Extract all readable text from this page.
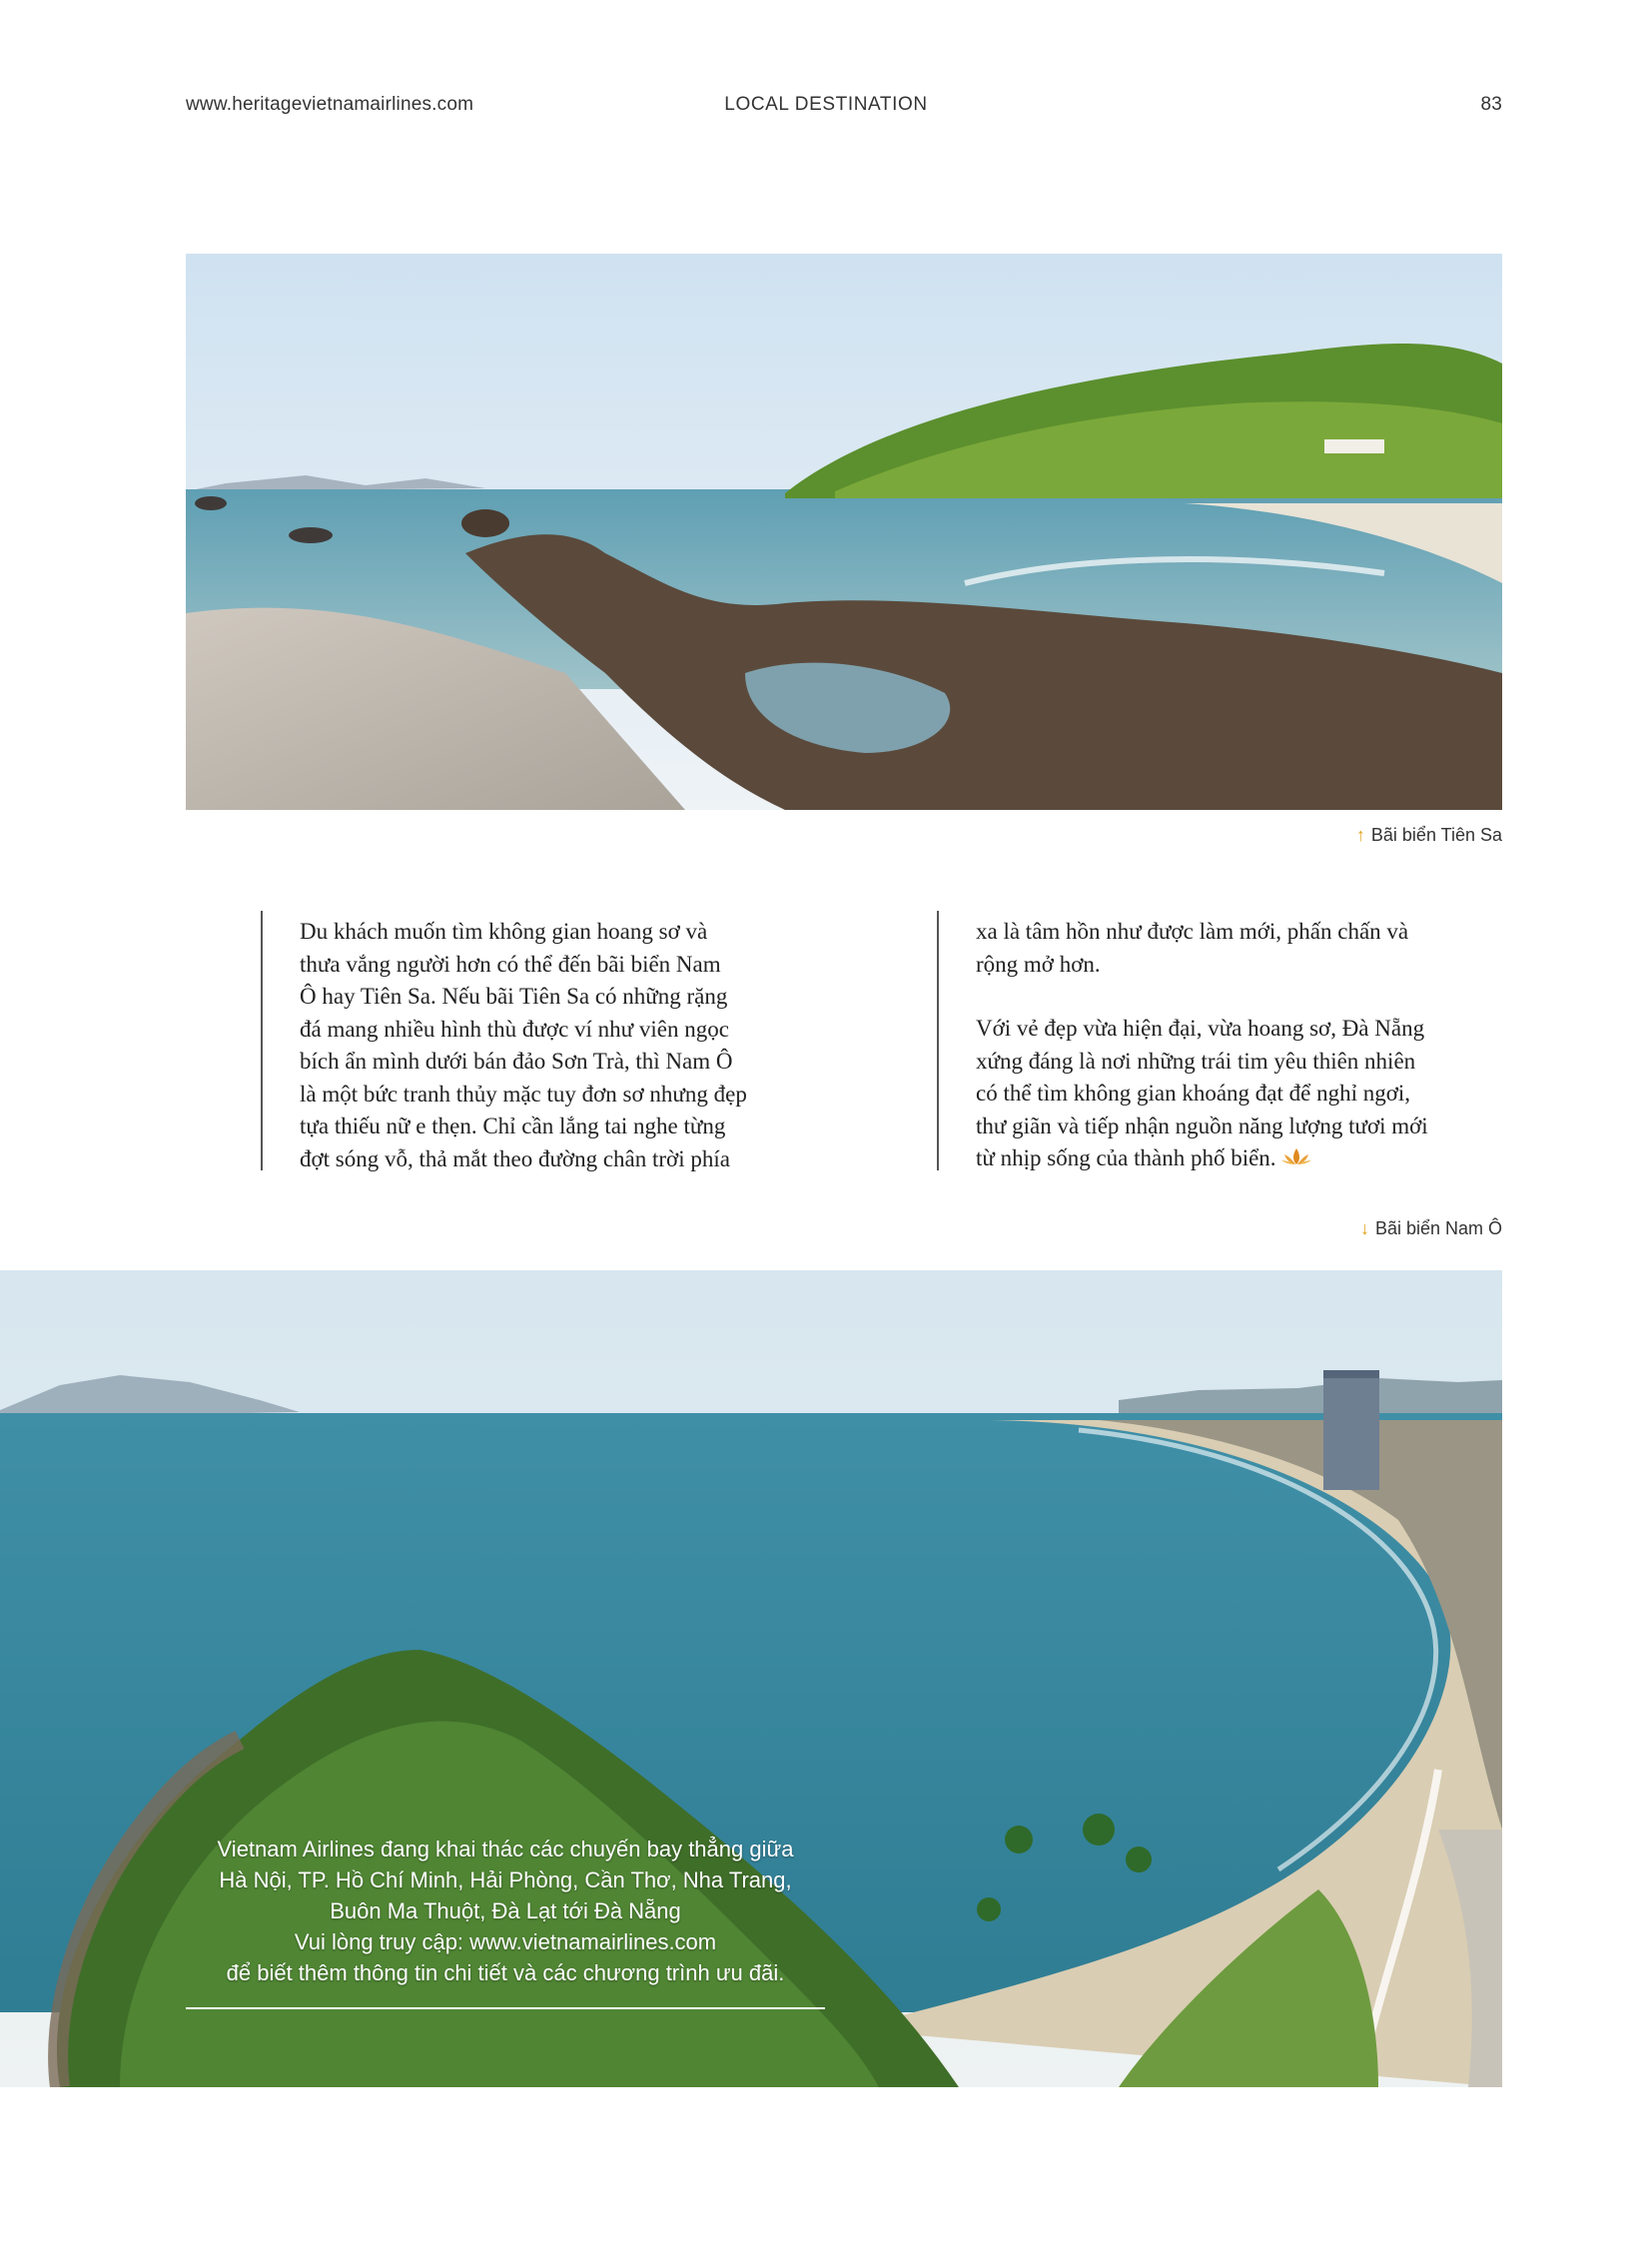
www.heritagevietnamairlines.com	LOCAL DESTINATION	83
↑ Bãi biển Tiên Sa

Du khách muốn tìm không gian hoang sơ và

thưa vắng người hơn có thể đến bãi biển Nam

Ô hay Tiên Sa. Nếu bãi Tiên Sa có những rặng

đá mang nhiều hình thù được ví như viên ngọc

bích ẩn mình dưới bán đảo Sơn Trà, thì Nam Ô

là một bức tranh thủy mặc tuy đơn sơ nhưng đẹp

tựa thiếu nữ e thẹn. Chỉ cần lắng tai nghe từng

đợt sóng vỗ, thả mắt theo đường chân trời phía

xa là tâm hồn như được làm mới, phấn chấn và

rộng mở hơn.

Với vẻ đẹp vừa hiện đại, vừa hoang sơ, Đà Nẵng

xứng đáng là nơi những trái tim yêu thiên nhiên

có thể tìm không gian khoáng đạt để nghỉ ngơi,

thư giãn và tiếp nhận nguồn năng lượng tươi mới

từ nhịp sống của thành phố biển.

↓ Bãi biển Nam Ô

Vietnam Airlines đang khai thác các chuyến bay thẳng giữa

Hà Nội, TP. Hồ Chí Minh, Hải Phòng, Cần Thơ, Nha Trang,

Buôn Ma Thuột, Đà Lạt tới Đà Nẵng

Vui lòng truy cập: www.vietnamairlines.com

để biết thêm thông tin chi tiết và các chương trình ưu đãi.
